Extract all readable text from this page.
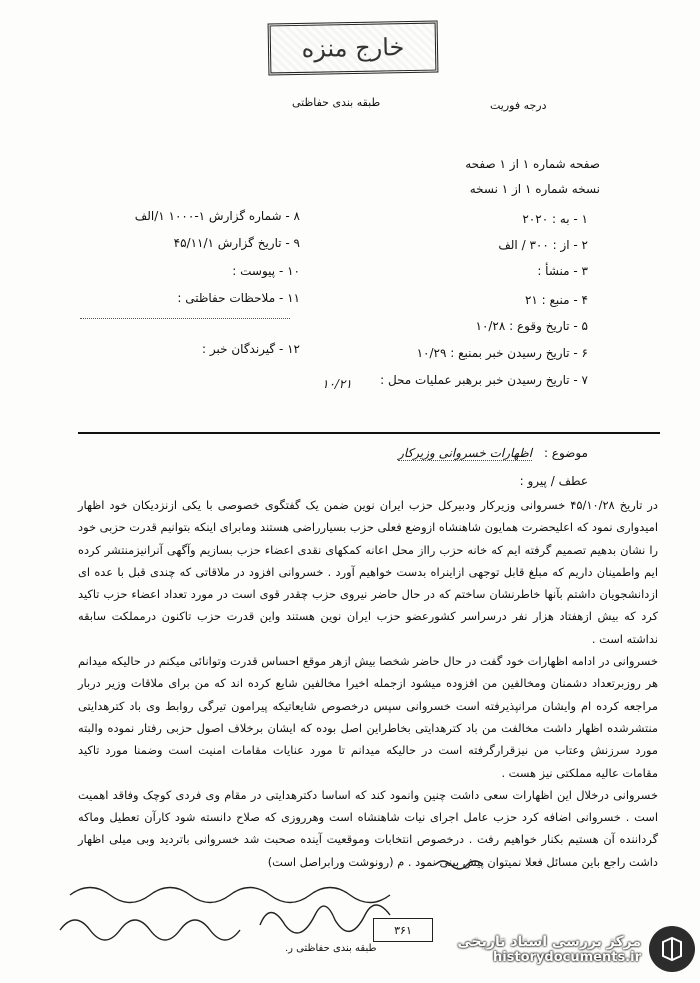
خارج منزه
طبقه بندی حفاظتی	درجه فوریت
صفحه شماره ۱ از ۱ صفحه
نسخه شماره ۱ از ۱ نسخه
۱ - به : ۲۰۲۰
۲ - از : ۳۰۰ / الف
۳ - منشأ :
۴ - منبع : ۲۱
۵ - تاریخ وقوع : ۱۰/۲۸
۶ - تاریخ رسیدن خبر بمنبع : ۱۰/۲۹
۷ - تاریخ رسیدن خبر برهبر عملیات محل :
۸ - شماره گزارش ۱-۱۰۰۰ ۱/الف
۹ - تاریخ گزارش ۴۵/۱۱/۱
۱۰ - پیوست :
۱۱ - ملاحظات حفاظتی :
۱۲ - گیرندگان خبر :
۱۰/۲۱
موضوع : اظهارات خسروانی وزیرکار
عطف / پیرو :

در تاریخ ۴۵/۱۰/۲۸ خسروانی وزیرکار ودبیرکل حزب ایران نوین ضمن یک گفتگوی خصوصی با یکی ازنزدیکان خود اظهار امیدواری نمود که اعلیحضرت همایون شاهنشاه ازوضع فعلی حزب بسیارراضی هستند ومابرای اینکه بتوانیم قدرت حزبی خود را نشان بدهیم تصمیم گرفته ایم که خانه حزب رااز محل اعانه کمکهای نقدی اعضاء حزب بسازیم وآگهی آنرانیزمنتشر کرده ایم واطمینان داریم که مبلغ قابل توجهی ازاینراه بدست خواهیم آورد . خسروانی افزود در ملاقاتی که چندی قبل با عده ای ازدانشجویان داشتم بآنها خاطرنشان ساختم که در حال حاضر نیروی حزب چقدر قوی است در مورد تعداد اعضاء حزب تاکید کرد که بیش ازهفتاد هزار نفر درسراسر کشورعضو حزب ایران نوین هستند واین قدرت حزب تاکنون درمملکت سابقه نداشته است .

خسروانی در ادامه اظهارات خود گفت در حال حاضر شخصا بیش ازهر موقع احساس قدرت وتوانائی میکنم در حالیکه میدانم هر روزبرتعداد دشمنان ومخالفین من افزوده میشود ازجمله اخیرا مخالفین شایع کرده اند که من برای ملاقات وزیر دربار مراجعه کرده ام وایشان مرانپذیرفته است خسروانی سپس درخصوص شایعاتیکه پیرامون تیرگی روابط وی باد کترهدایتی منتشرشده اظهار داشت مخالفت من باد کترهدایتی بخاطراین اصل بوده که ایشان برخلاف اصول حزبی رفتار نموده والبته مورد سرزنش وعتاب من نیزقرارگرفته است در حالیکه میدانم تا مورد عنایات مقامات امنیت است وضمنا مورد تاکید مقامات عالیه مملکتی نیز هست .

خسروانی درخلال این اظهارات سعی داشت چنین وانمود کند که اساسا دکترهدایتی در مقام وی فردی کوچک وفاقد اهمیت است . خسروانی اضافه کرد حزب عامل اجرای نیات شاهنشاه است وهرروزی که صلاح دانسته شود کارآن تعطیل وماکه گرداننده آن هستیم بکنار خواهیم رفت . درخصوص انتخابات وموقعیت آینده صحبت شد خسروانی باتردید وبی میلی اظهار داشت راجع باین مسائل فعلا نمیتوان پیش بینی نمود . م (رونوشت ورابراصل است)

۳۶۱
طبقه بندی حفاظتی ر.	مرکز بررسی اسناد تاریخی
historydocuments.ir
